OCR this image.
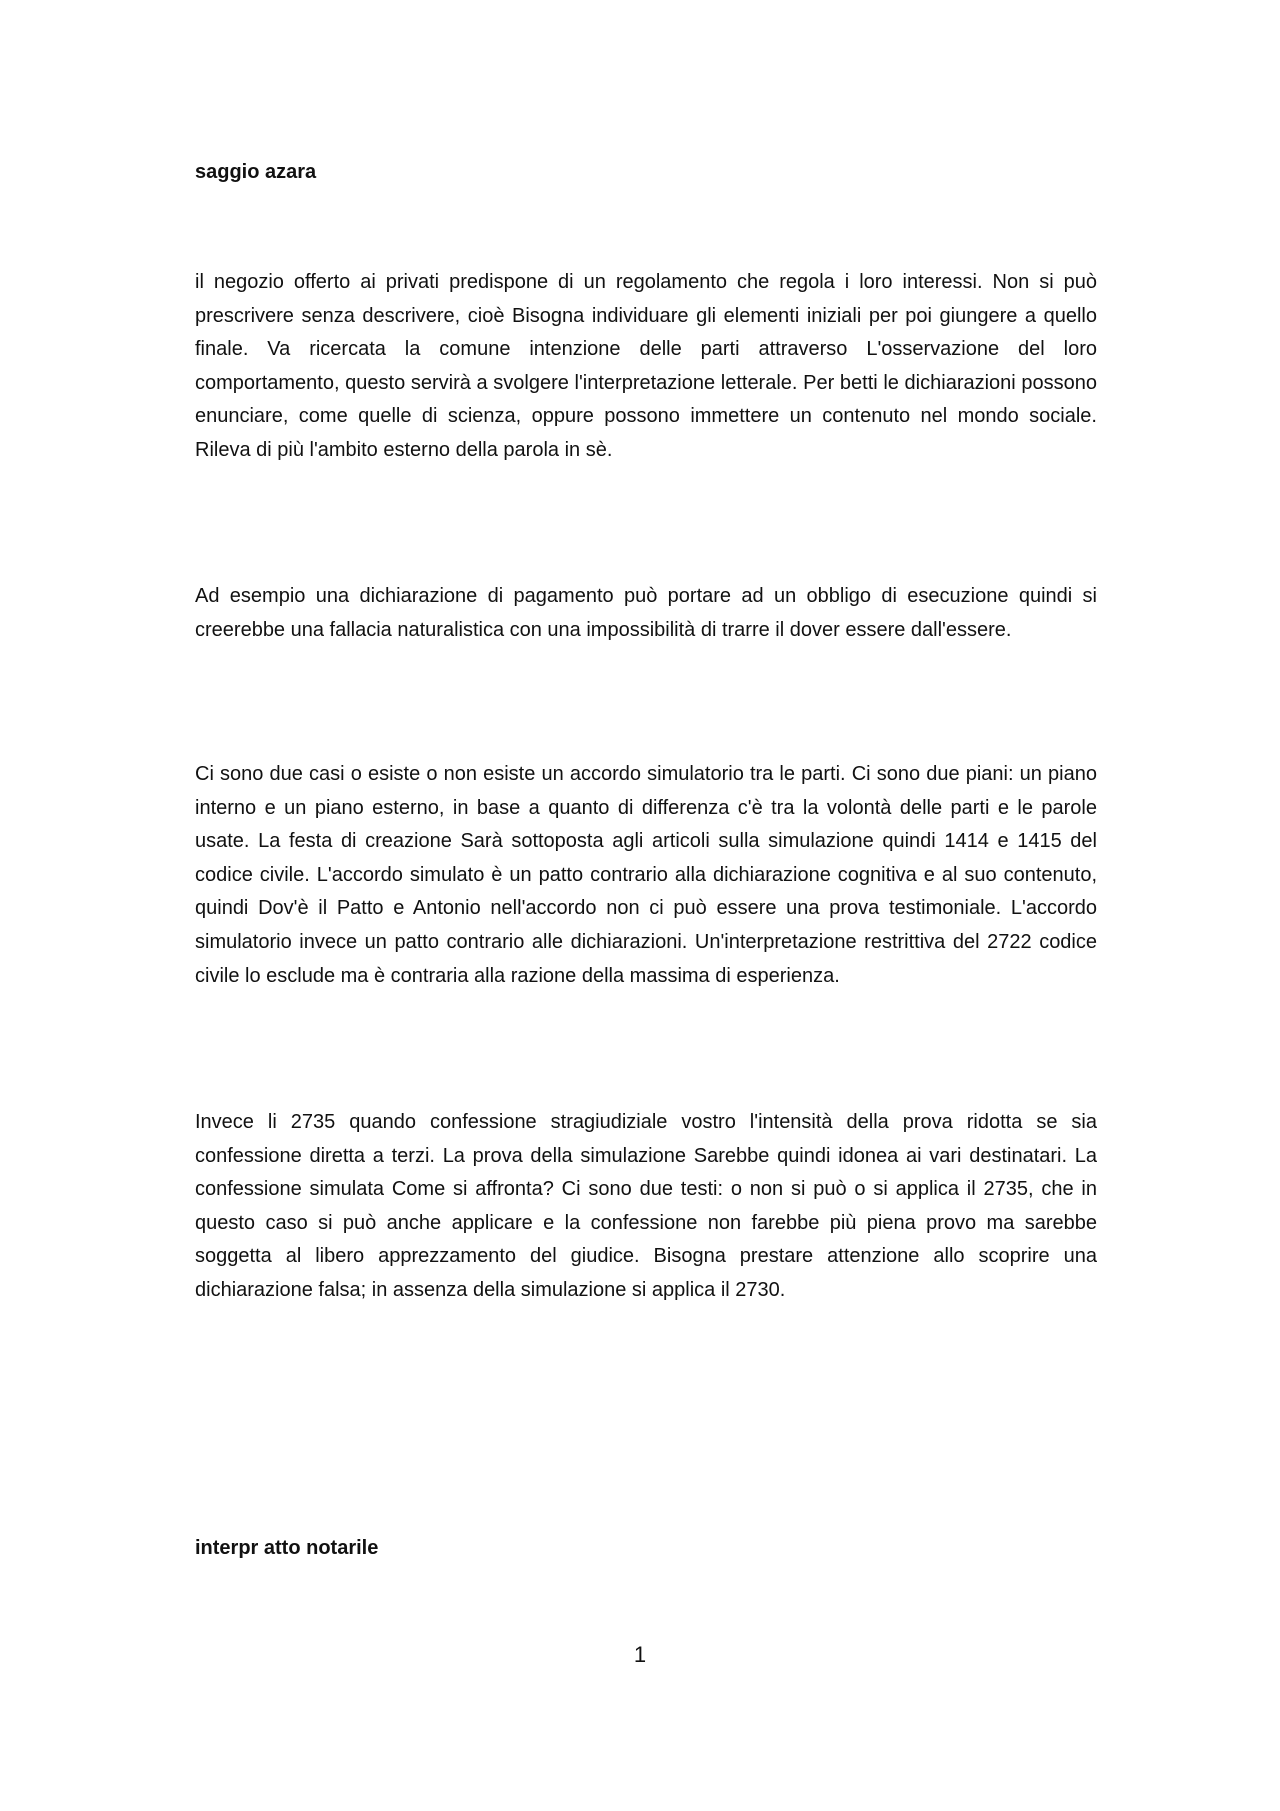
saggio azara
il negozio offerto ai privati predispone di un regolamento che regola i loro interessi. Non si può prescrivere senza descrivere, cioè Bisogna individuare gli elementi iniziali per poi giungere a quello finale. Va ricercata la comune intenzione delle parti attraverso L'osservazione del loro comportamento, questo servirà a svolgere l'interpretazione letterale. Per betti le dichiarazioni possono enunciare, come quelle di scienza, oppure possono immettere un contenuto nel mondo sociale. Rileva di più l'ambito esterno della parola in sè.
Ad esempio una dichiarazione di pagamento può portare ad un obbligo di esecuzione quindi si creerebbe una fallacia naturalistica con una impossibilità di trarre il dover essere dall'essere.
Ci sono due casi o esiste o non esiste un accordo simulatorio tra le parti. Ci sono due piani: un piano interno e un piano esterno, in base a quanto di differenza c'è tra la volontà delle parti e le parole usate. La festa di creazione Sarà sottoposta agli articoli sulla simulazione quindi 1414 e 1415 del codice civile. L'accordo simulato è un patto contrario alla dichiarazione cognitiva e al suo contenuto, quindi Dov'è il Patto e Antonio nell'accordo non ci può essere una prova testimoniale. L'accordo simulatorio invece un patto contrario alle dichiarazioni. Un'interpretazione restrittiva del 2722 codice civile lo esclude ma è contraria alla razione della massima di esperienza.
Invece li 2735 quando confessione stragiudiziale vostro l'intensità della prova ridotta se sia confessione diretta a terzi. La prova della simulazione Sarebbe quindi idonea ai vari destinatari. La confessione simulata Come si affronta? Ci sono due testi: o non si può o si applica il 2735, che in questo caso si può anche applicare e la confessione non farebbe più piena provo ma sarebbe soggetta al libero apprezzamento del giudice. Bisogna prestare attenzione allo scoprire una dichiarazione falsa; in assenza della simulazione si applica il 2730.
interpr atto notarile
1
